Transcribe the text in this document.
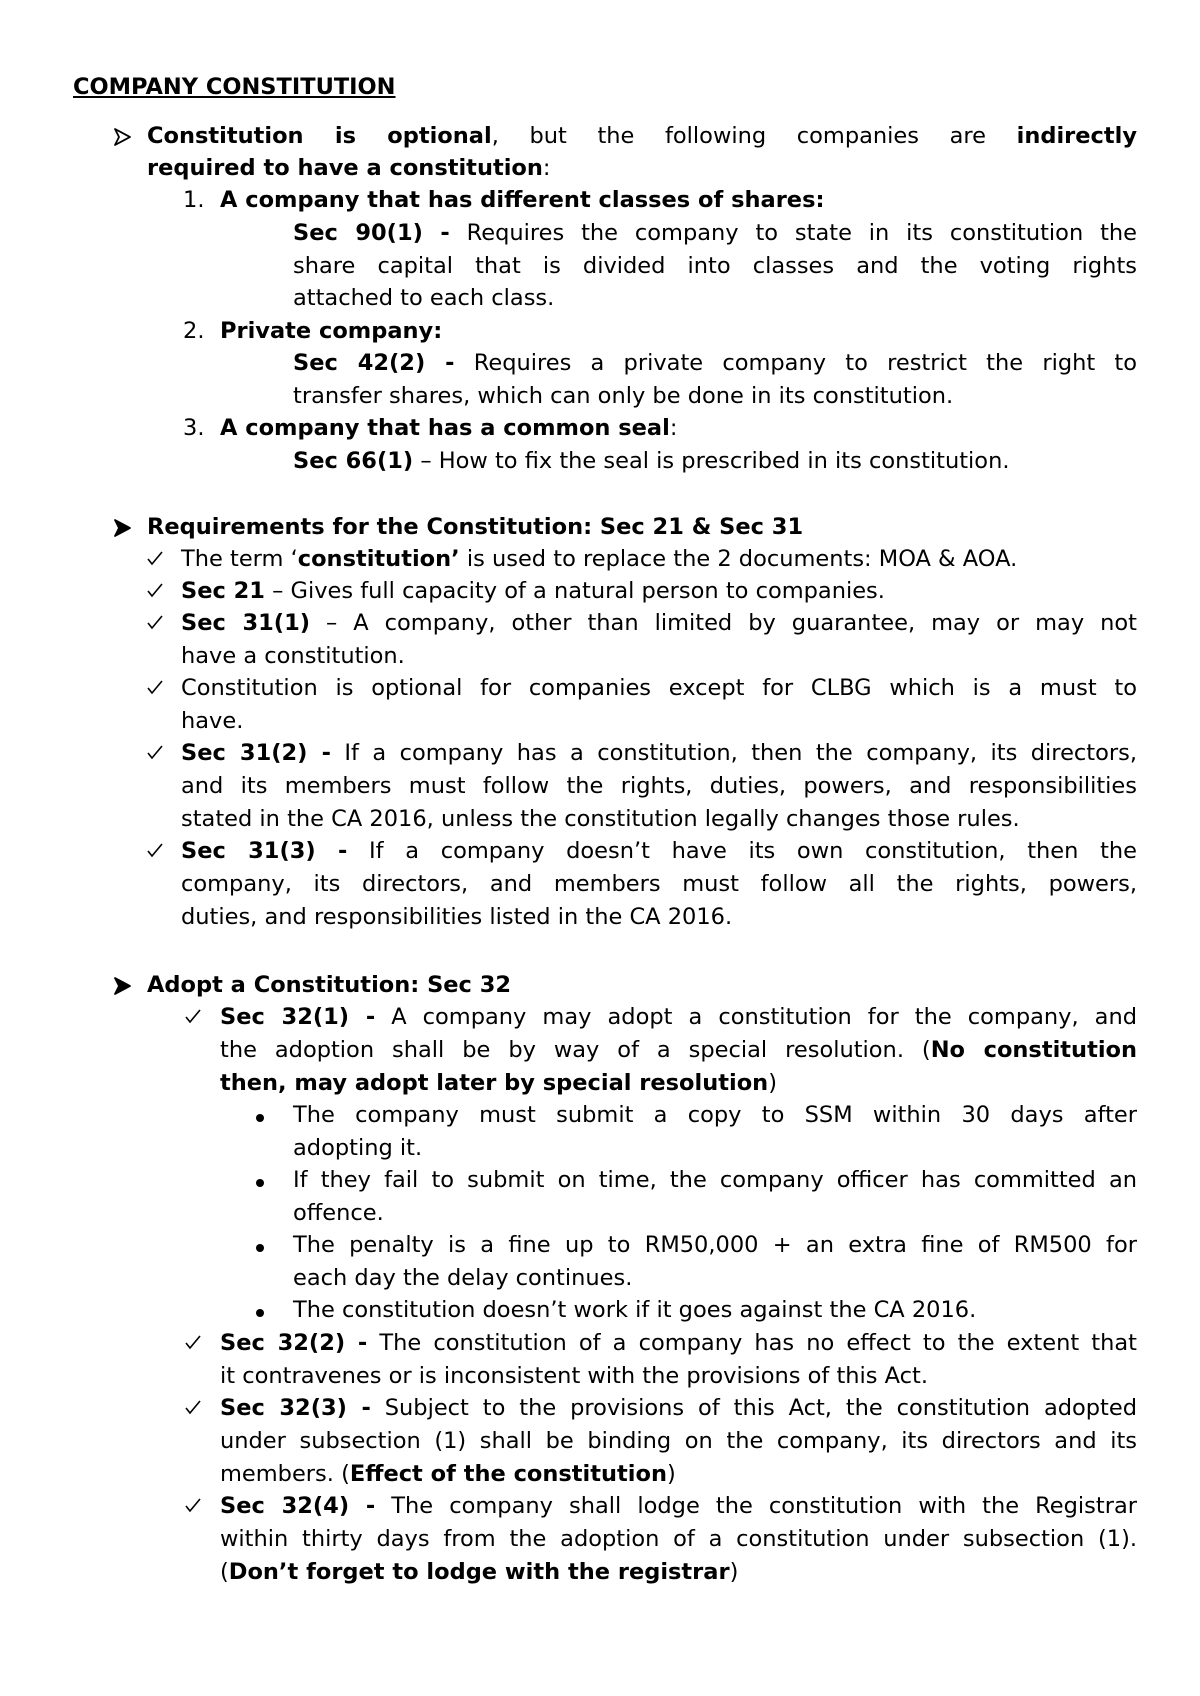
COMPANY CONSTITUTION
Constitution is optional, but the following companies are indirectly
required to have a constitution:
1. A company that has different classes of shares:
Sec 90(1) - Requires the company to state in its constitution the
share capital that is divided into classes and the voting rights
attached to each class.
2. Private company:
Sec 42(2) - Requires a private company to restrict the right to
transfer shares, which can only be done in its constitution.
3. A company that has a common seal:
Sec 66(1) – How to fix the seal is prescribed in its constitution.
Requirements for the Constitution: Sec 21 & Sec 31
The term ‘constitution’ is used to replace the 2 documents: MOA & AOA.
Sec 21 – Gives full capacity of a natural person to companies.
Sec 31(1) – A company, other than limited by guarantee, may or may not
have a constitution.
Constitution is optional for companies except for CLBG which is a must to
have.
Sec 31(2) - If a company has a constitution, then the company, its directors,
and its members must follow the rights, duties, powers, and responsibilities
stated in the CA 2016, unless the constitution legally changes those rules.
Sec 31(3) - If a company doesn’t have its own constitution, then the
company, its directors, and members must follow all the rights, powers,
duties, and responsibilities listed in the CA 2016.
Adopt a Constitution: Sec 32
Sec 32(1) - A company may adopt a constitution for the company, and
the adoption shall be by way of a special resolution. (No constitution
then, may adopt later by special resolution)
The company must submit a copy to SSM within 30 days after
adopting it.
If they fail to submit on time, the company officer has committed an
offence.
The penalty is a fine up to RM50,000 + an extra fine of RM500 for
each day the delay continues.
The constitution doesn’t work if it goes against the CA 2016.
Sec 32(2) - The constitution of a company has no effect to the extent that
it contravenes or is inconsistent with the provisions of this Act.
Sec 32(3) - Subject to the provisions of this Act, the constitution adopted
under subsection (1) shall be binding on the company, its directors and its
members. (Effect of the constitution)
Sec 32(4) - The company shall lodge the constitution with the Registrar
within thirty days from the adoption of a constitution under subsection (1).
(Don’t forget to lodge with the registrar)
